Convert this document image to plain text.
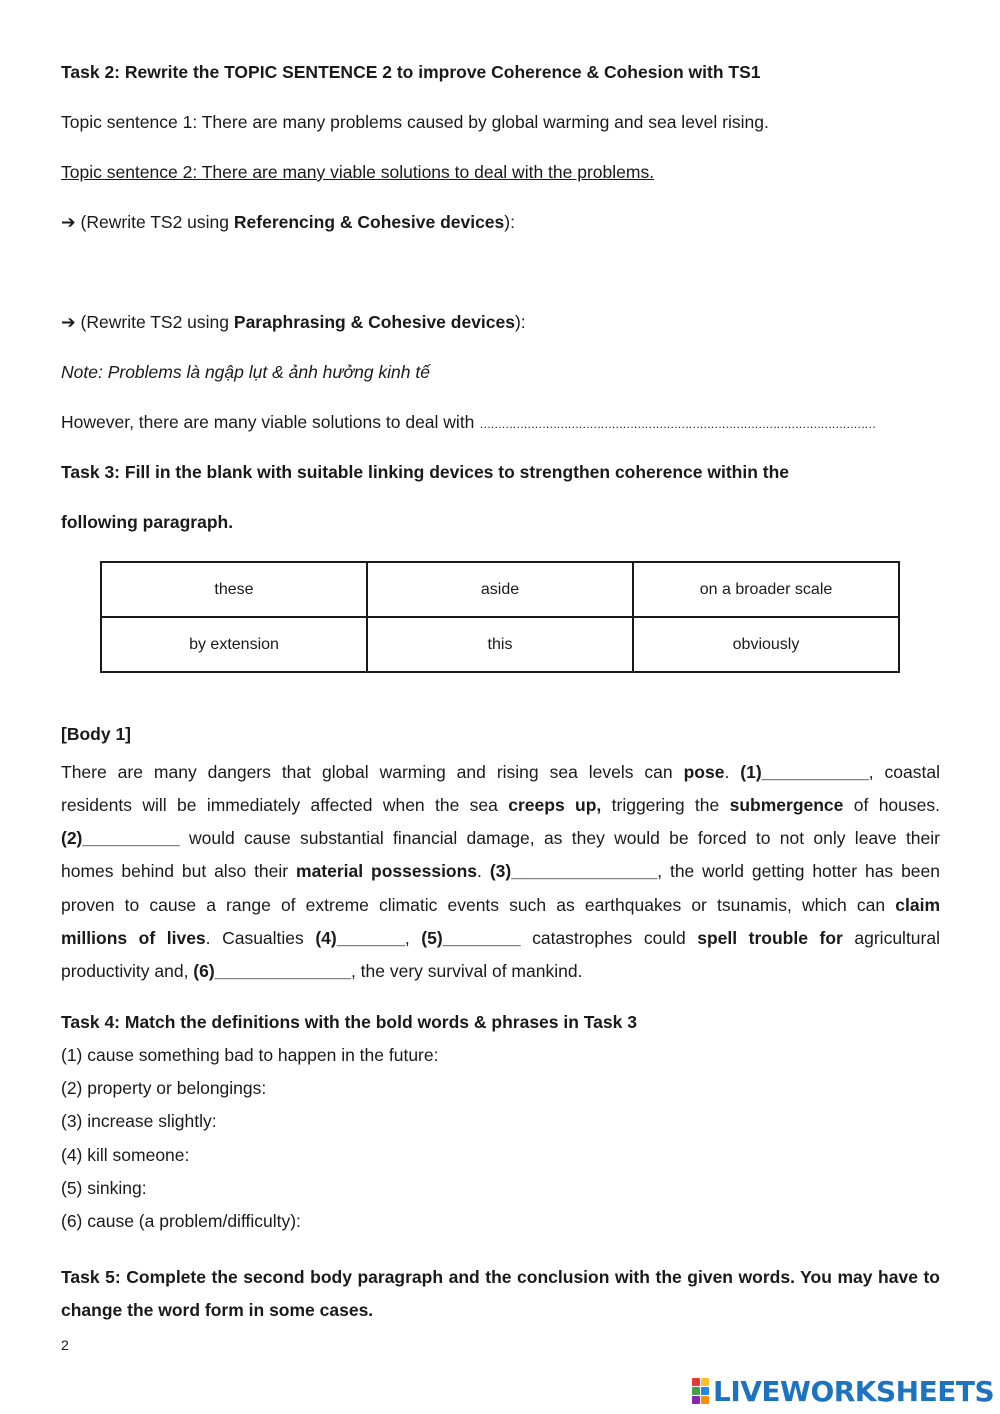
Task 2: Rewrite the TOPIC SENTENCE 2 to improve Coherence & Cohesion with TS1
Topic sentence 1: There are many problems caused by global warming and sea level rising.
Topic sentence 2: There are many viable solutions to deal with the problems.
➔ (Rewrite TS2 using Referencing & Cohesive devices):
➔ (Rewrite TS2 using Paraphrasing & Cohesive devices):
Note: Problems là ngập lụt & ảnh hưởng kinh tế
However, there are many viable solutions to deal with ………………………………………………………………………………………………
Task 3: Fill in the blank with suitable linking devices to strengthen coherence within the
following paragraph.
these	aside	on a broader scale
by extension	this	obviously
[Body 1]
There are many dangers that global warming and rising sea levels can pose. (1)___________, coastal
residents will be immediately affected when the sea creeps up, triggering the submergence of houses.
(2)__________ would cause substantial financial damage, as they would be forced to not only leave their
homes behind but also their material possessions. (3)_______________, the world getting hotter has been
proven to cause a range of extreme climatic events such as earthquakes or tsunamis, which can claim
millions of lives. Casualties (4)_______, (5)________ catastrophes could spell trouble for agricultural
productivity and, (6)______________, the very survival of mankind.
Task 4: Match the definitions with the bold words & phrases in Task 3
(1) cause something bad to happen in the future:
(2) property or belongings:
(3) increase slightly:
(4) kill someone:
(5) sinking:
(6) cause (a problem/difficulty):
Task 5: Complete the second body paragraph and the conclusion with the given words. You may have to
change the word form in some cases.
2
LIVEWORKSHEETS
